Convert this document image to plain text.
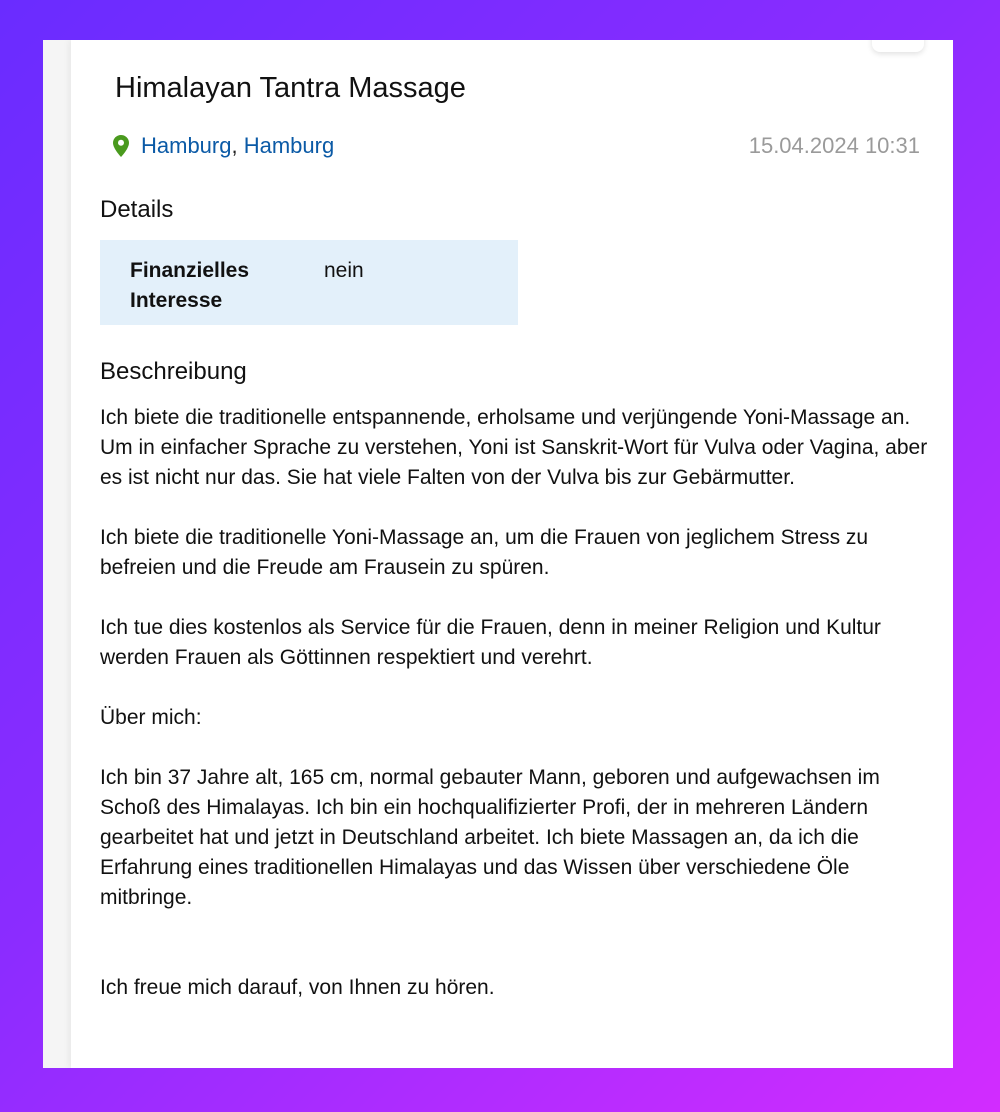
Himalayan Tantra Massage
Hamburg ,
Hamburg	15.04.2024 10:31
Details
Finanzielles Interesse
nein
Beschreibung

Ich biete die traditionelle entspannende, erholsame und verjüngende Yoni-Massage an. Um in einfacher Sprache zu verstehen, Yoni ist Sanskrit-Wort für Vulva oder Vagina, aber es ist nicht nur das. Sie hat viele Falten von der Vulva bis zur Gebärmutter.

Ich biete die traditionelle Yoni-Massage an, um die Frauen von jeglichem Stress zu befreien und die Freude am Frausein zu spüren.

Ich tue dies kostenlos als Service für die Frauen, denn in meiner Religion und Kultur werden Frauen als Göttinnen respektiert und verehrt.

Über mich:

Ich bin 37 Jahre alt, 165 cm, normal gebauter Mann, geboren und aufgewachsen im Schoß des Himalayas. Ich bin ein hochqualifizierter Profi, der in mehreren Ländern gearbeitet hat und jetzt in Deutschland arbeitet. Ich biete Massagen an, da ich die Erfahrung eines traditionellen Himalayas und das Wissen über verschiedene Öle mitbringe.

Ich freue mich darauf, von Ihnen zu hören.
